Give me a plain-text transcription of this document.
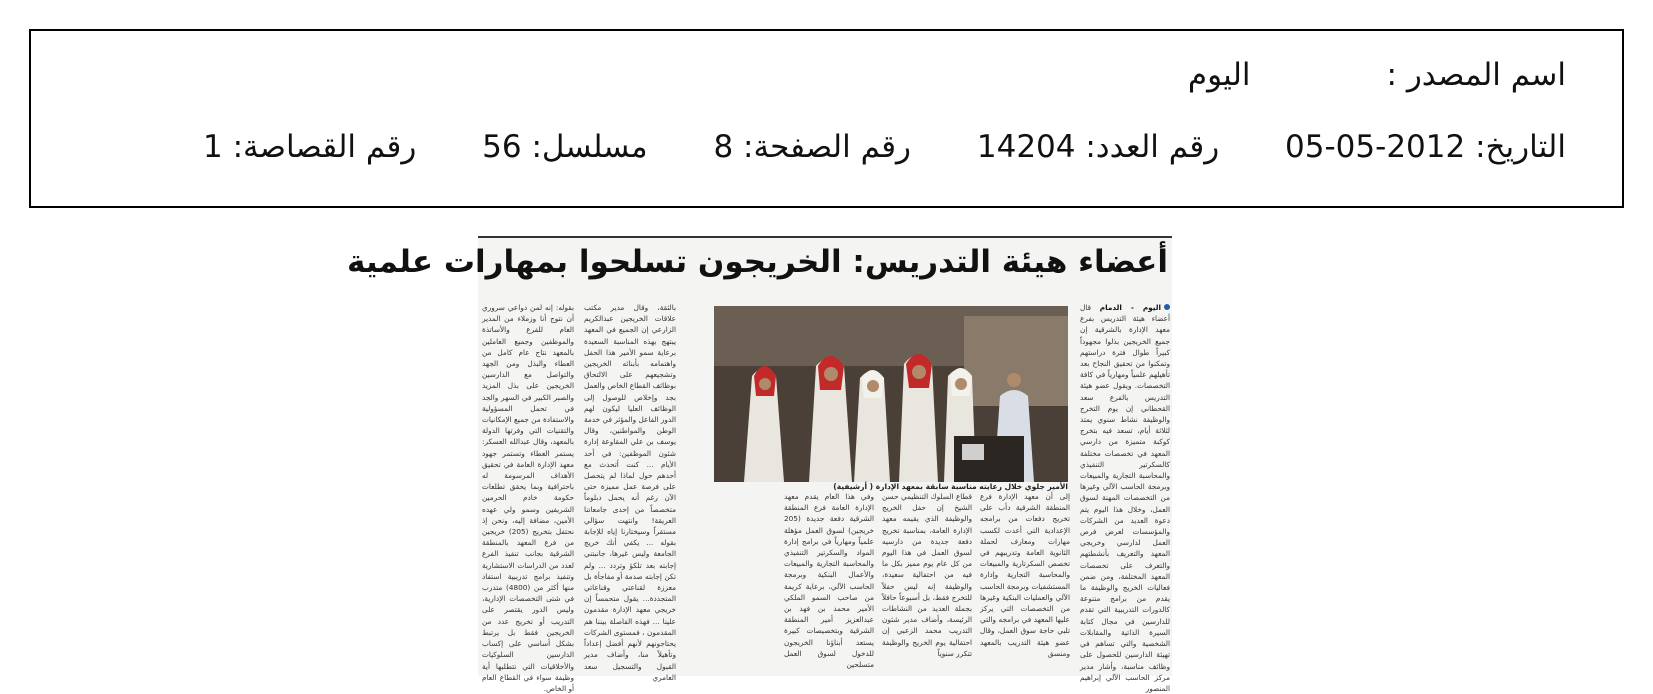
اسم المصدر :اليوم
التاريخ: 2012-05-05 رقم العدد: 14204 رقم الصفحة: 8 مسلسل: 56 رقم القصاصة: 1
أعضاء هيئة التدريس: الخريجون تسلحوا بمهارات علمية
اليوم - الدمام قال أعضاء هيئة التدريس بفرع معهد الإدارة بالشرقية إن جميع الخريجين بذلوا مجهوداً كبيراً طوال فترة دراستهم وتمكنوا من تحقيق النجاح بعد تأهيلهم علمياً ومهارياً في كافة التخصصات. ويقول عضو هيئة التدريس بالفرع سعد القحطاني إن يوم التخرج والوظيفة نشاط سنوي يمتد لثلاثة أيام، تسعد فيه بتخرج كوكبة متميزة من دارسي المعهد في تخصصات مختلفة كالسكرتير التنفيذي والمحاسبة التجارية والمبيعات وبرمجة الحاسب الآلي وغيرها من التخصصات المهنة لسوق العمل، وخلال هذا اليوم يتم دعوة العديد من الشركات والمؤسسات لعرض فرص العمل لدارسي وخريجي المعهد والتعريف بأنشطتهم والتعرف على تخصصات المعهد المختلفة، ومن ضمن فعاليات الخريج والوظيفة ما يقدم من برامج متنوعة كالدورات التدريبية التي تقدم للدارسين في مجال كتابة السيرة الذاتية والمقابلات الشخصية والتي تساهم في تهيئة الدارسين للحصول على وظائف مناسبة، وأشار مدير مركز الحاسب الآلي إبراهيم المنصور
إلى أن معهد الإدارة فرع المنطقة الشرقية دأب على تخريج دفعات من برامجه الإعدادية التي أعدت لكسب مهارات ومعارف لحملة الثانوية العامة وتدريبهم في تخصص السكرتارية والمبيعات والمحاسبة التجارية وإدارة المستشفيات وبرمجة الحاسب الآلي والعمليات البنكية وغيرها من التخصصات التي يركز عليها المعهد في برامجه والتي تلبي حاجة سوق العمل، وقال عضو هيئة التدريب بالمعهد ومنسق
قطاع السلوك التنظيمي حسن الشيخ إن حفل الخريج والوظيفة الذي يقيمه معهد الإدارة العامة، بمناسبة تخريج دفعة جديدة من دارسيه لسوق العمل في هذا اليوم من كل عام يوم مميز بكل ما فيه من احتفالية سعيدة، والوظيفة إنه ليس حفلاً للتخرج فقط، بل أسبوعاً حافلاً بجملة العديد من النشاطات الرئيسة، وأضاف مدير شئون التدريب محمد الزعبي إن احتفالية يوم الخريج والوظيفة تتكرر سنوياً
وفي هذا العام يقدم معهد الإدارة العامة فرع المنطقة الشرقية دفعة جديدة (205 خريجين) لسوق العمل مؤهلة علمياً ومهارياً في برامج إدارة المواد والسكرتير التنفيذي والمحاسبة التجارية والمبيعات والأعمال البنكية وبرمجة الحاسب الآلي، برعاية كريمة من صاحب السمو الملكي الأمير محمد بن فهد بن عبدالعزيز أمير المنطقة الشرقية وبتخصيصات كبيرة يستعد أبناؤنا الخريجون للدخول لسوق العمل متسلحين
بالثقة، وقال مدير مكتب علاقات الخريجين عبدالكريم الزارعي إن الجميع في المعهد يبتهج بهذه المناسبة السعيدة برعاية سمو الأمير هذا الحفل واهتمامه بأبنائه الخريجين وتشجيعهم على الالتحاق بوظائف القطاع الخاص والعمل بجد وإخلاص للوصول إلى الوظائف العليا ليكون لهم الدور الفاعل والمؤثر في خدمة الوطن والمواطنين، وقال يوسف بن علي المقاوعة إدارة شئون الموظفين: في أحد الأيام ... كنت أتحدث مع أحدهم حول لماذا لم يتحصل على فرصة عمل مميزة حتى الآن رغم أنه يحمل دبلوماً متخصصاً من إحدى جامعاتنا العريقة! وانتهت سؤالي مستقراً وسيختارنا إياه للإجابة بقوله ... يكفي أنك خريج الجامعة وليس غيرها، جانبتني إجابته بعد تلكؤ وتردد ... ولم تكن إجابته صدمة أو مفاجأة بل معززة لقناعتي وقناعاتي المتجددة... يقول متحمساً إن خريجي معهد الإدارة مقدمون علينا ... فهذه الفاصلة بيننا هم المقدمون ، فمستوى الشركات يحتاجونهم لأنهم أفضل إعداداً وتأهيلاً منا، وأضاف مدير القبول والتسجيل سعد العامري
بقوله: إنه لمن دواعي سروري أن نتوج أنا وزملاء من المدير العام للفرع والأساتذة والموظفين وجميع العاملين بالمعهد نتاج عام كامل من العطاء والبذل ومن الجهد والتواصل مع الدارسين الخريجين على بذل المزيد والصبر الكبير في السهر والجد في تحمل المسؤولية والاستفادة من جميع الإمكانيات والتقنيات التي وفرتها الدولة بالمعهد، وقال عبدالله العسكر: يستمر العطاء وتستمر جهود معهد الإدارة العامة في تحقيق الأهداف المرسومة له باحترافية وبما يحقق تطلعات حكومة خادم الحرمين الشريفين وسمو ولي عهده الأمين، مضافة إليه، ونحن إذ نحتفل بتخريج (205) خريجين من فرع المعهد بالمنطقة الشرقية بجانب تنفيذ الفرع لعدد من الدراسات الاستشارية وتنفيذ برامج تدريبية استفاد منها أكثر من (4800) متدرب في شتى التخصصات الإدارية، وليس الدور يقتصر على التدريب أو تخريج عدد من الخريجين فقط بل يرتبط بشكل أساسي على إكساب الدارسين السلوكيات والأخلاقيات التي تتطلبها أية وظيفة سواء في القطاع العام أو الخاص.
الأمير جلوي خلال رعايته مناسبة سابقة بمعهد الإدارة ( أرشيفية)
